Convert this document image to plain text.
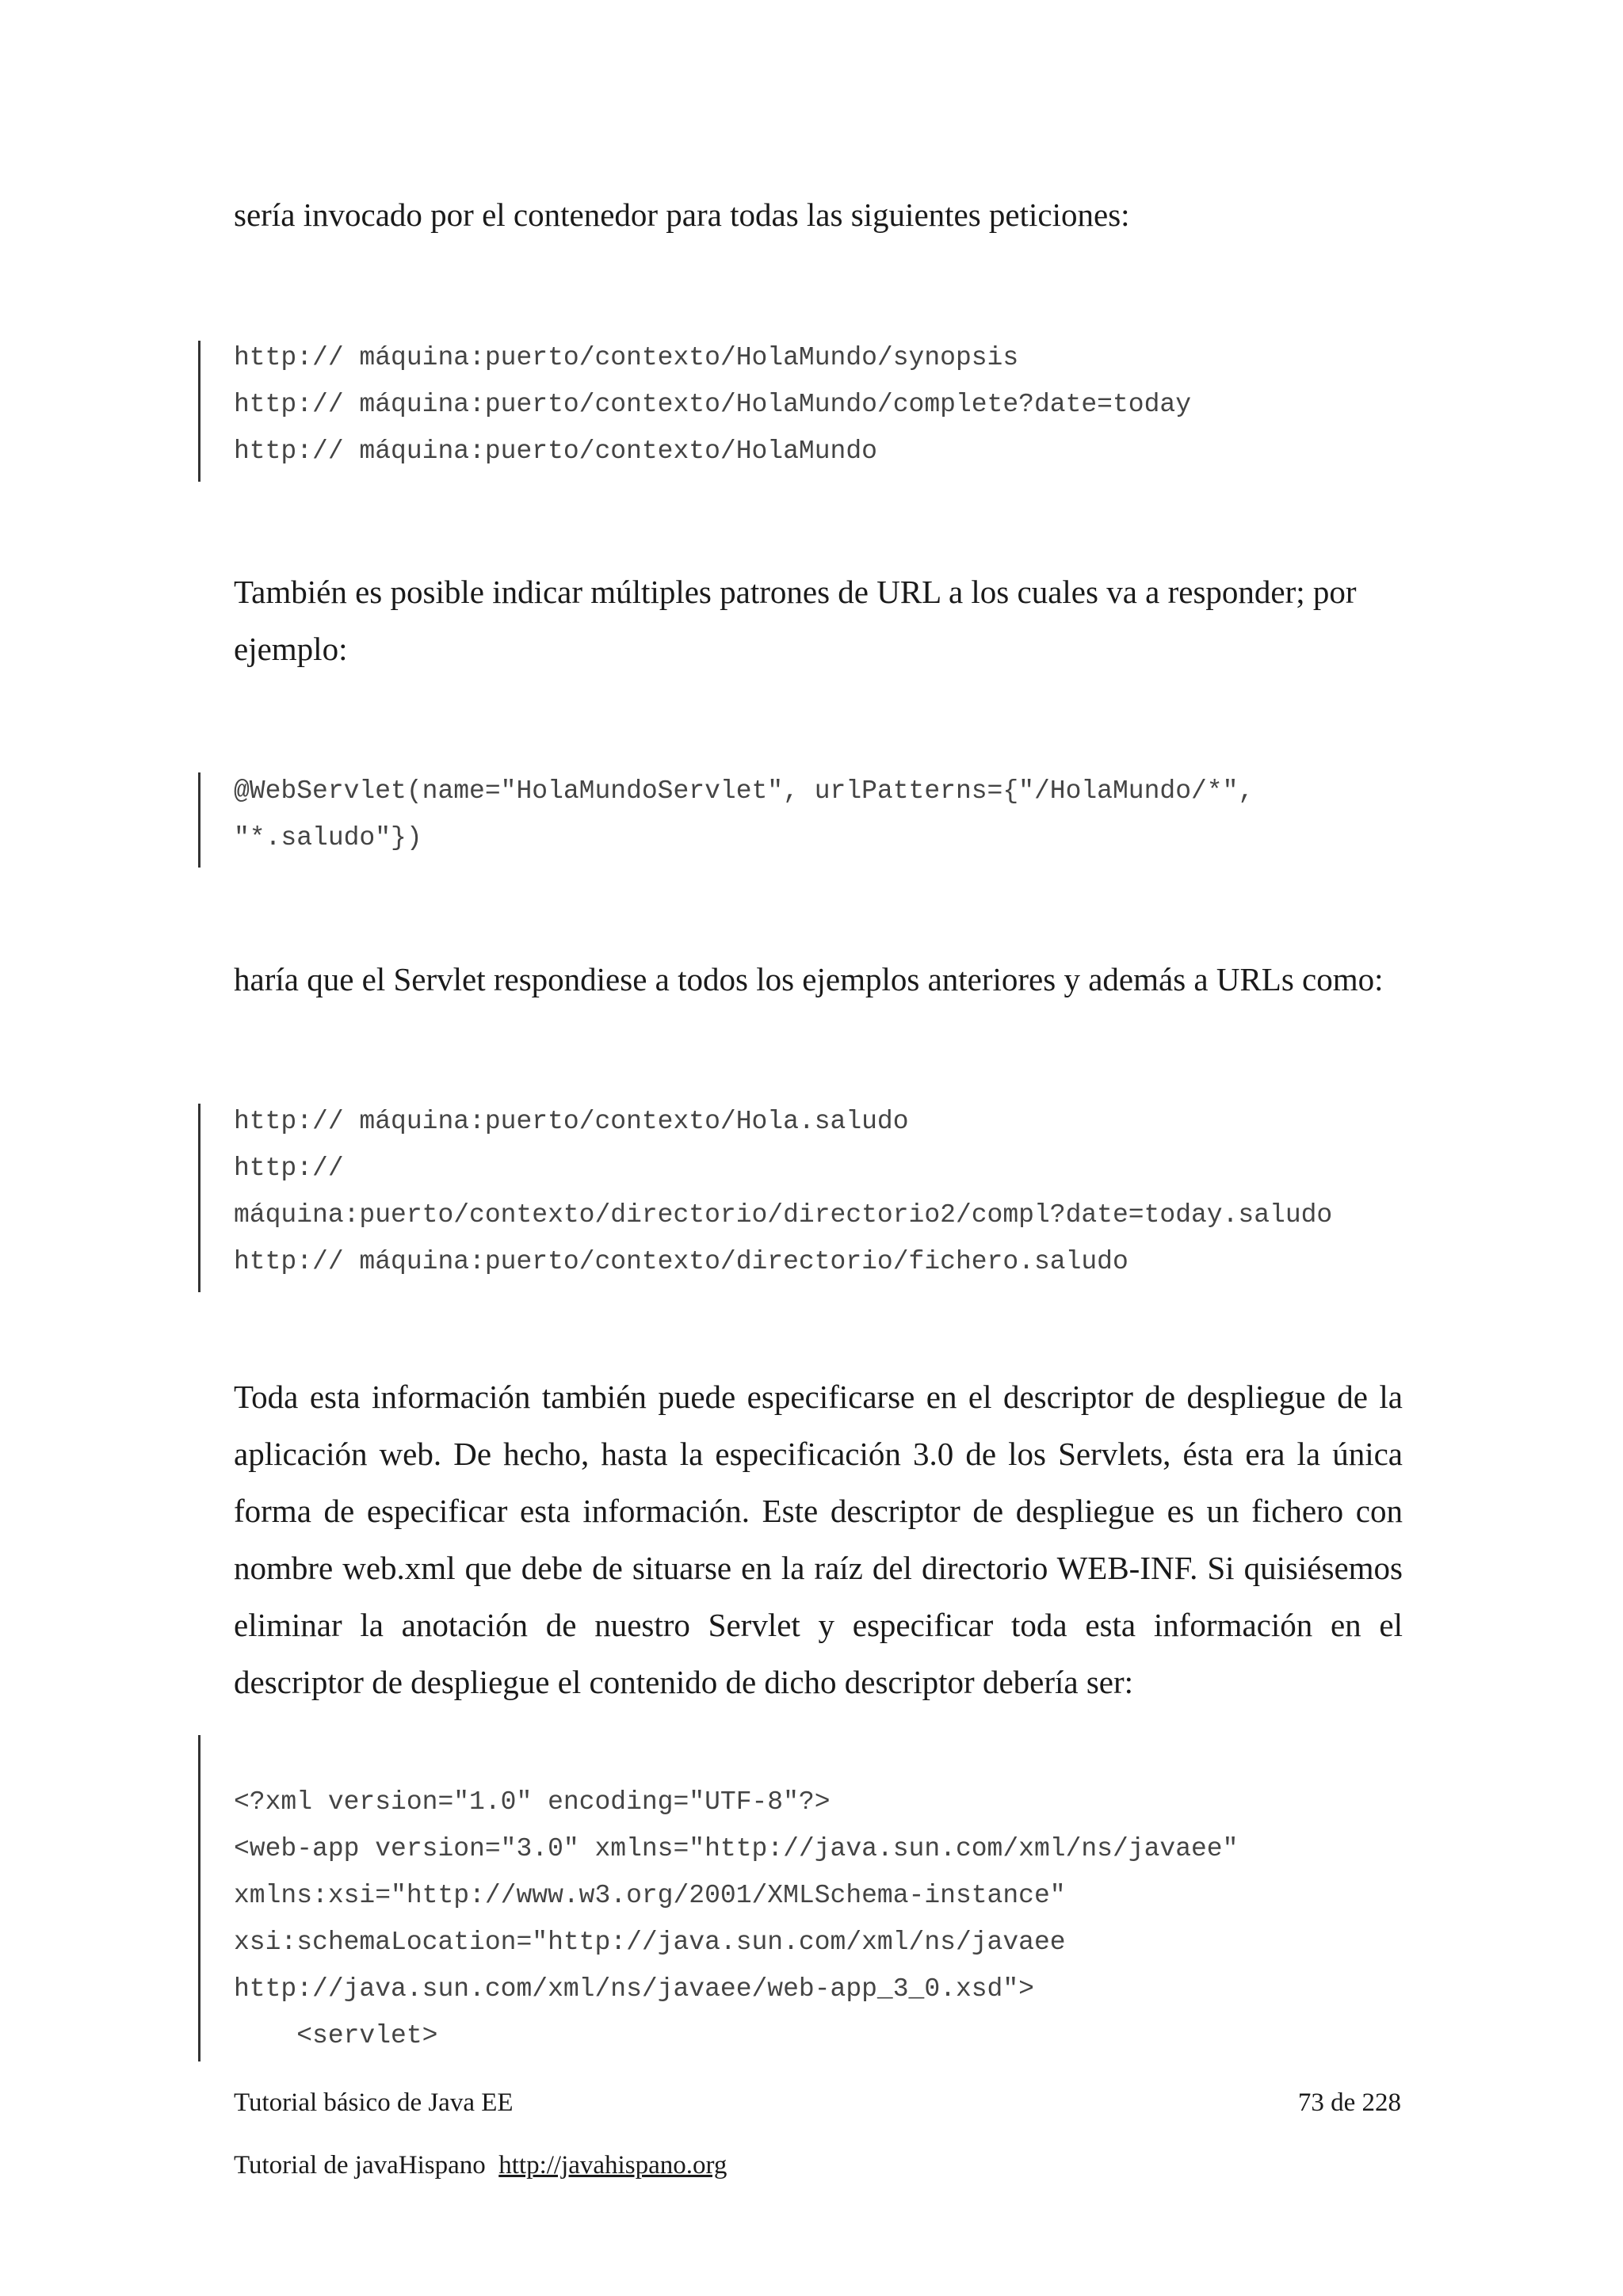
sería invocado por el contenedor para todas las siguientes peticiones:

http:// máquina:puerto/contexto/HolaMundo/synopsis
http:// máquina:puerto/contexto/HolaMundo/complete?date=today
http:// máquina:puerto/contexto/HolaMundo

También es posible indicar múltiples patrones de URL a los cuales va a responder; por ejemplo:

@WebServlet(name="HolaMundoServlet", urlPatterns={"/HolaMundo/*",
"*.saludo"})

haría que el Servlet respondiese a todos los ejemplos anteriores y además a URLs como:

http:// máquina:puerto/contexto/Hola.saludo
http://
máquina:puerto/contexto/directorio/directorio2/compl?date=today.saludo
http:// máquina:puerto/contexto/directorio/fichero.saludo

Toda esta información también puede especificarse en el descriptor de despliegue de la aplicación web. De hecho, hasta la especificación 3.0 de los Servlets, ésta era la única forma de especificar esta información. Este descriptor de despliegue es un fichero con nombre web.xml que debe de situarse en la raíz del directorio WEB-INF. Si quisiésemos eliminar la anotación de nuestro Servlet y especificar toda esta información en el descriptor de despliegue el contenido de dicho descriptor debería ser:

<?xml version="1.0" encoding="UTF-8"?>
<web-app version="3.0" xmlns="http://java.sun.com/xml/ns/javaee"
xmlns:xsi="http://www.w3.org/2001/XMLSchema-instance"
xsi:schemaLocation="http://java.sun.com/xml/ns/javaee
http://java.sun.com/xml/ns/javaee/web-app_3_0.xsd">
<servlet>
Tutorial básico de Java EE	73 de 228
Tutorial de javaHispano http://javahispano.org
